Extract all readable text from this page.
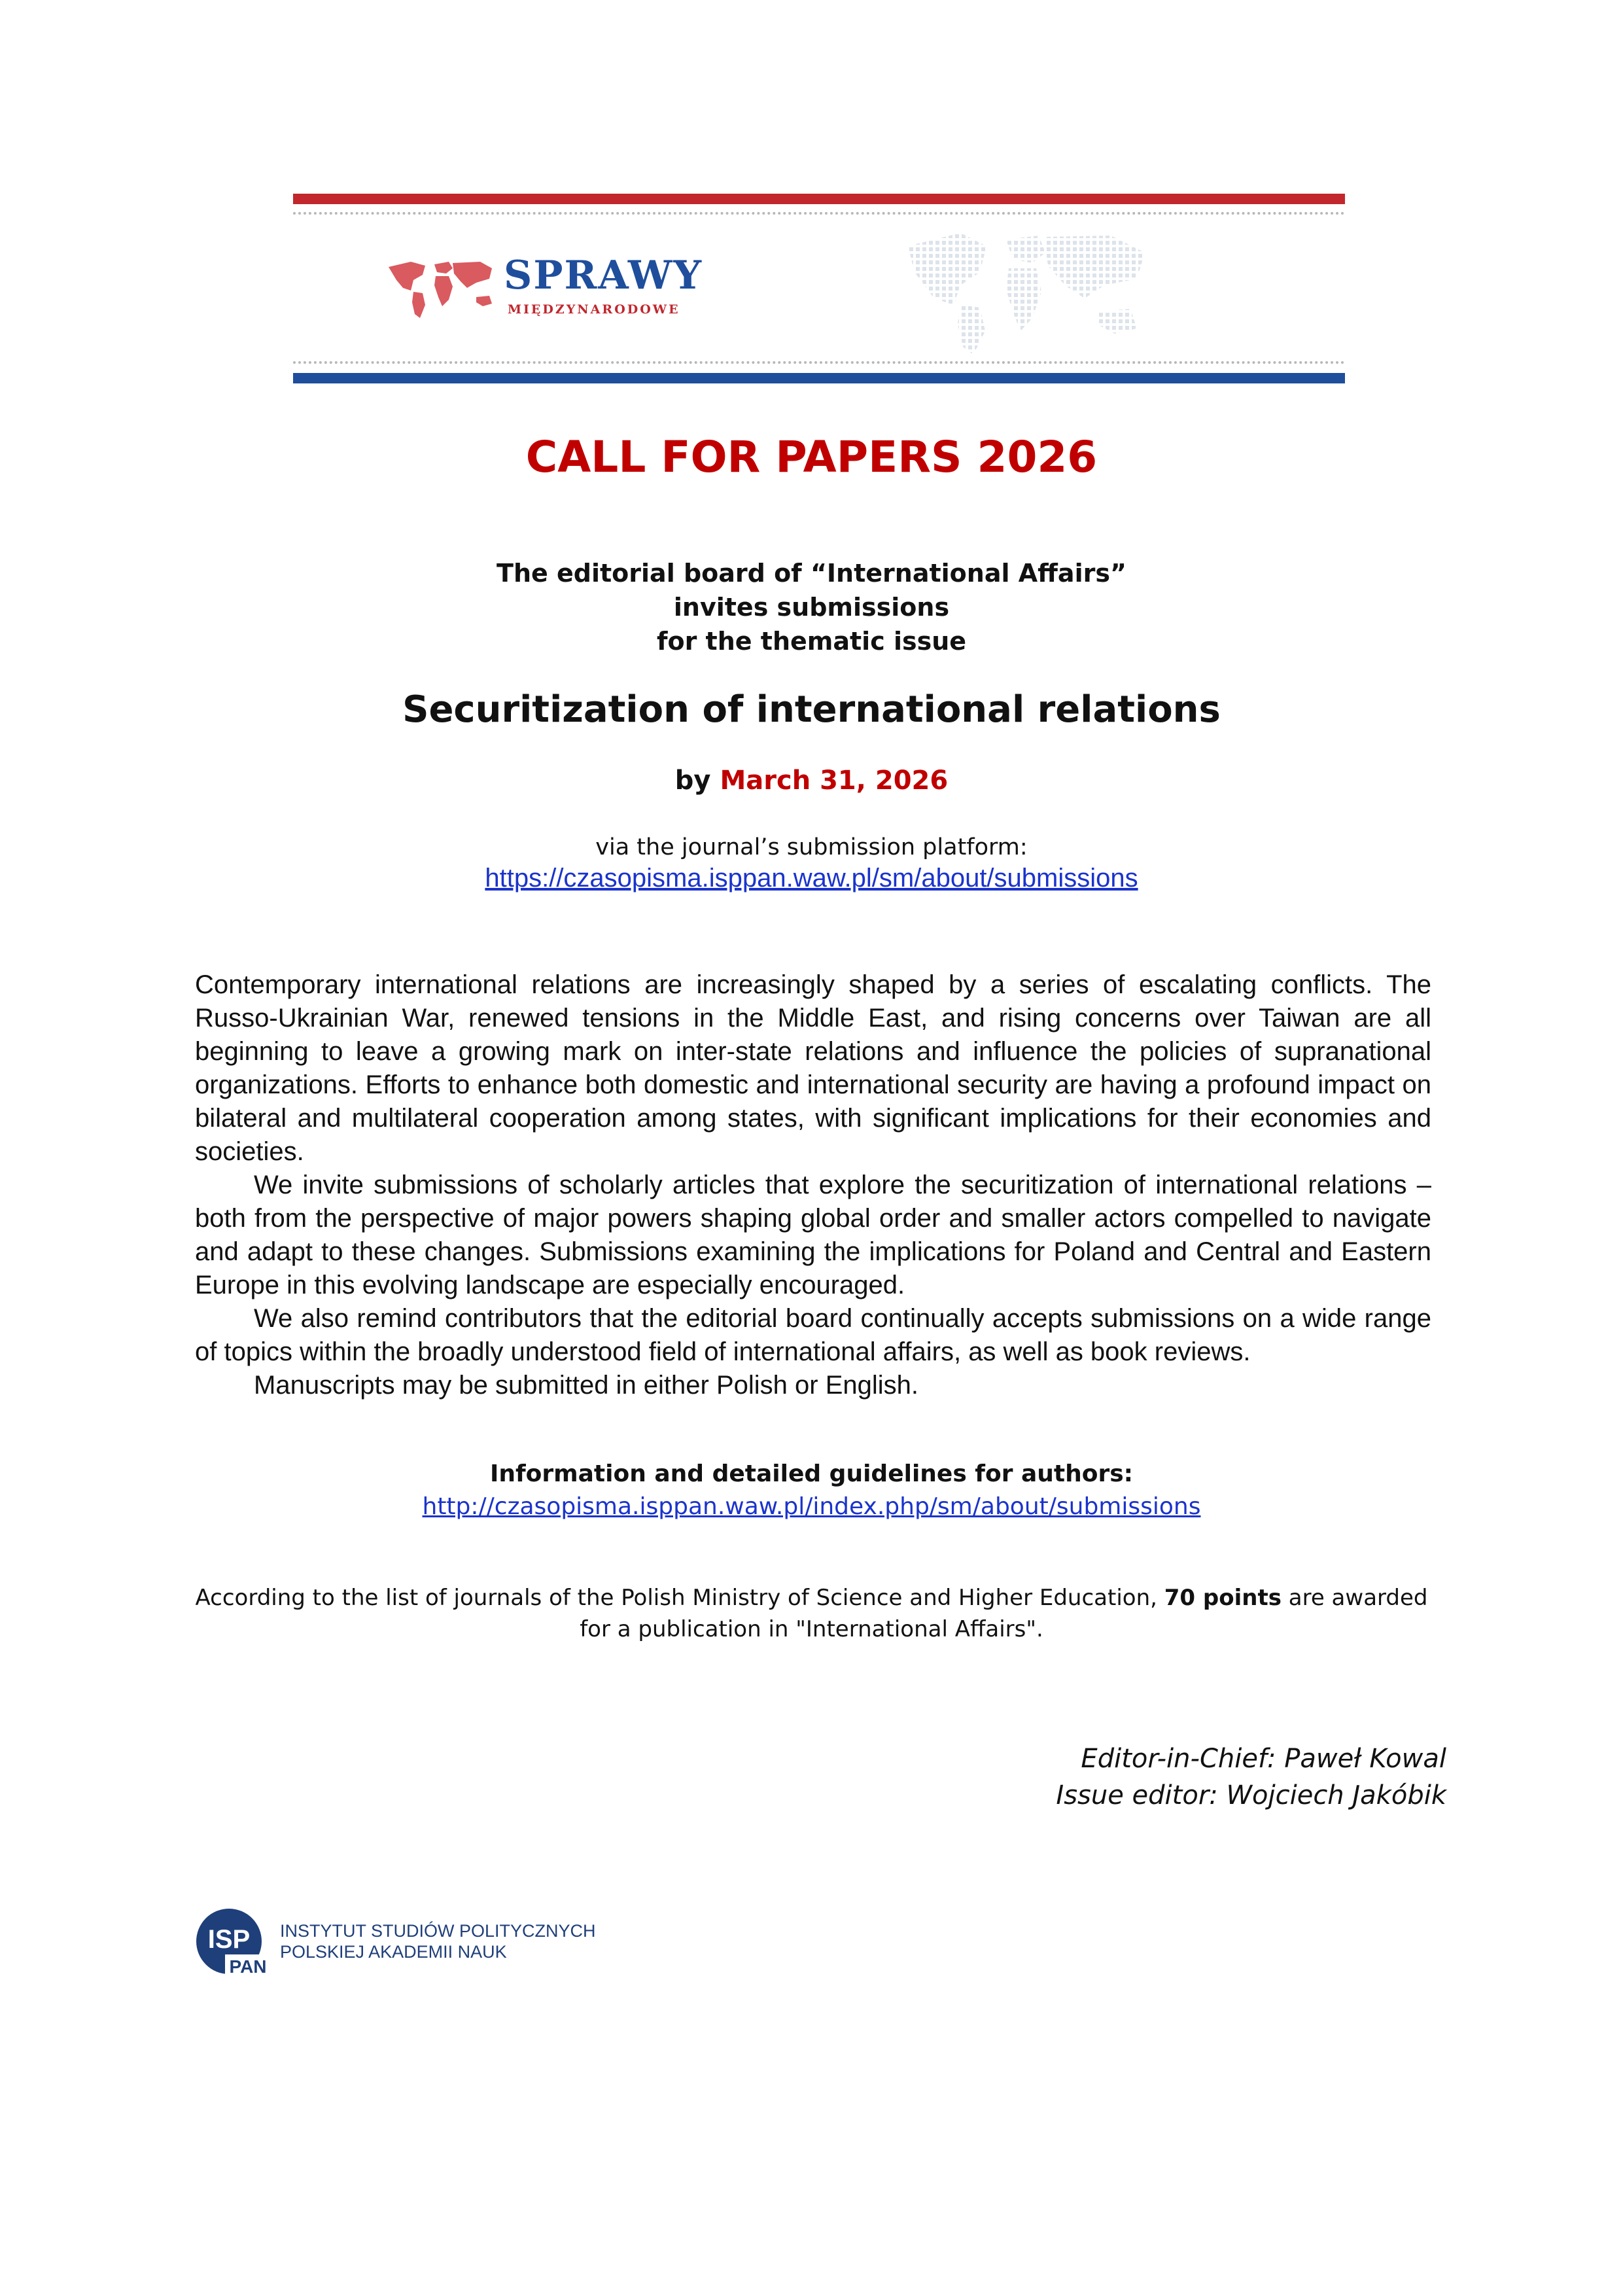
SPRAWY
MIĘDZYNARODOWE
CALL FOR PAPERS 2026
The editorial board of “International Affairs”
invites submissions
for the thematic issue
Securitization of international relations
by March 31, 2026
via the journal’s submission platform:
https://czasopisma.isppan.waw.pl/sm/about/submissions

Contemporary international relations are increasingly shaped by a series of escalating conflicts. The Russo-Ukrainian War, renewed tensions in the Middle East, and rising concerns over Taiwan are all beginning to leave a growing mark on inter-state relations and influence the policies of supranational organizations. Efforts to enhance both domestic and international security are having a profound impact on bilateral and multilateral cooperation among states, with significant implications for their economies and societies.

We invite submissions of scholarly articles that explore the securitization of international relations – both from the perspective of major powers shaping global order and smaller actors compelled to navigate and adapt to these changes. Submissions examining the implications for Poland and Central and Eastern Europe in this evolving landscape are especially encouraged.

We also remind contributors that the editorial board continually accepts submissions on a wide range of topics within the broadly understood field of international affairs, as well as book reviews.

Manuscripts may be submitted in either Polish or English.

Information and detailed guidelines for authors:
http://czasopisma.isppan.waw.pl/index.php/sm/about/submissions
According to the list of journals of the Polish Ministry of Science and Higher Education, 70 points are awarded
for a publication in "International Affairs".
Editor-in-Chief: Paweł Kowal
Issue editor: Wojciech Jakóbik
ISP
PAN
INSTYTUT STUDIÓW POLITYCZNYCH
POLSKIEJ AKADEMII NAUK
